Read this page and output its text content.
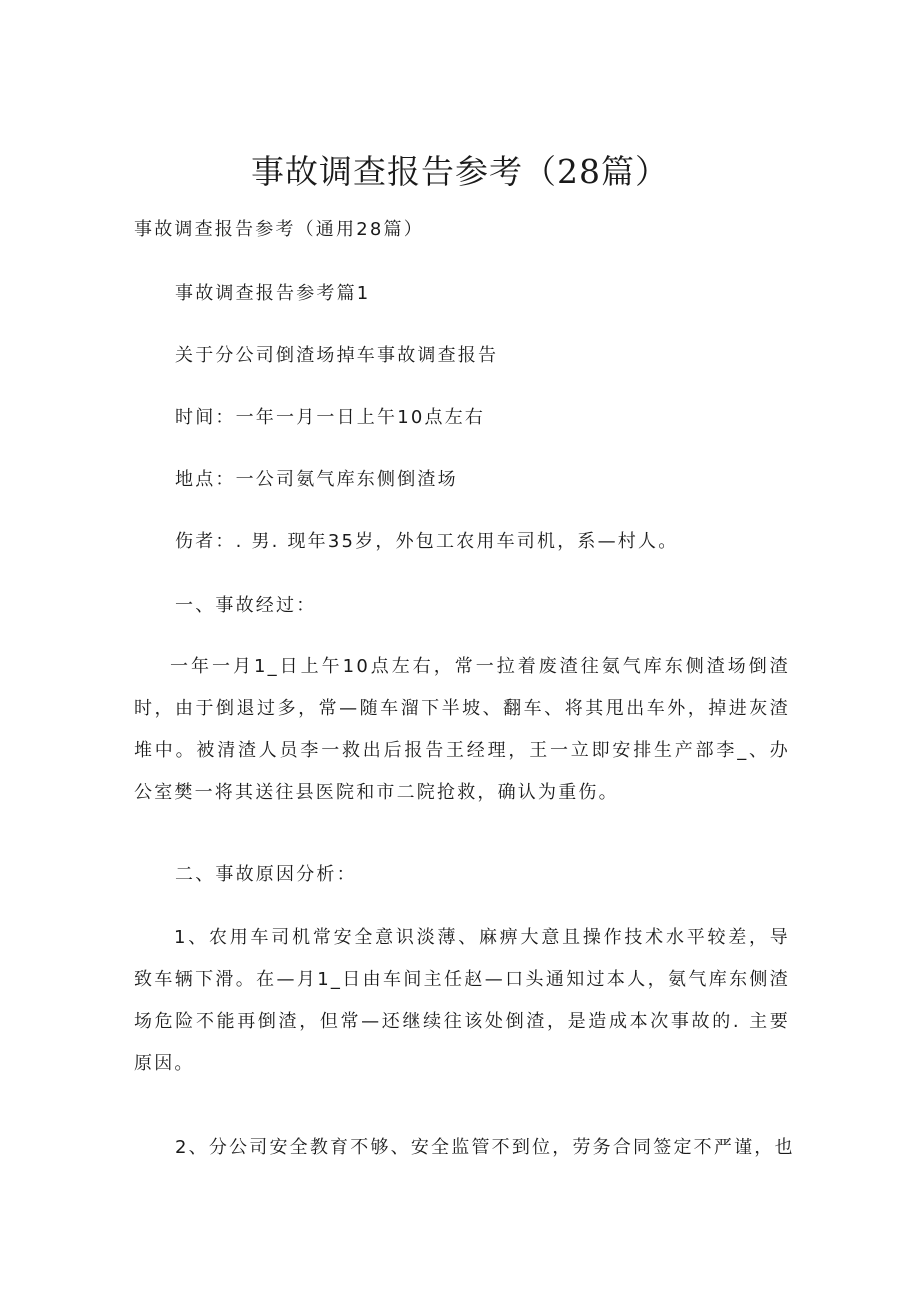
事故调查报告参考（28篇）

事故调查报告参考（通用28篇）

事故调查报告参考篇1

关于分公司倒渣场掉车事故调查报告

时间：一年一月一日上午10点左右

地点：一公司氨气库东侧倒渣场

伤者：. 男. 现年35岁，外包工农用车司机，系—村人。

一、事故经过：

一年一月1_日上午10点左右，常一拉着废渣往氨气库东侧渣场倒渣时，由于倒退过多，常—随车溜下半坡、翻车、将其甩出车外，掉进灰渣堆中。被清渣人员李一救出后报告王经理，王一立即安排生产部李_、办公室樊一将其送往县医院和市二院抢救，确认为重伤。

二、事故原因分析：

1、农用车司机常安全意识淡薄、麻痹大意且操作技术水平较差，导致车辆下滑。在—月1_日由车间主任赵—口头通知过本人，氨气库东侧渣场危险不能再倒渣，但常—还继续往该处倒渣，是造成本次事故的. 主要原因。

2、分公司安全教育不够、安全监管不到位，劳务合同签定不严谨，也
